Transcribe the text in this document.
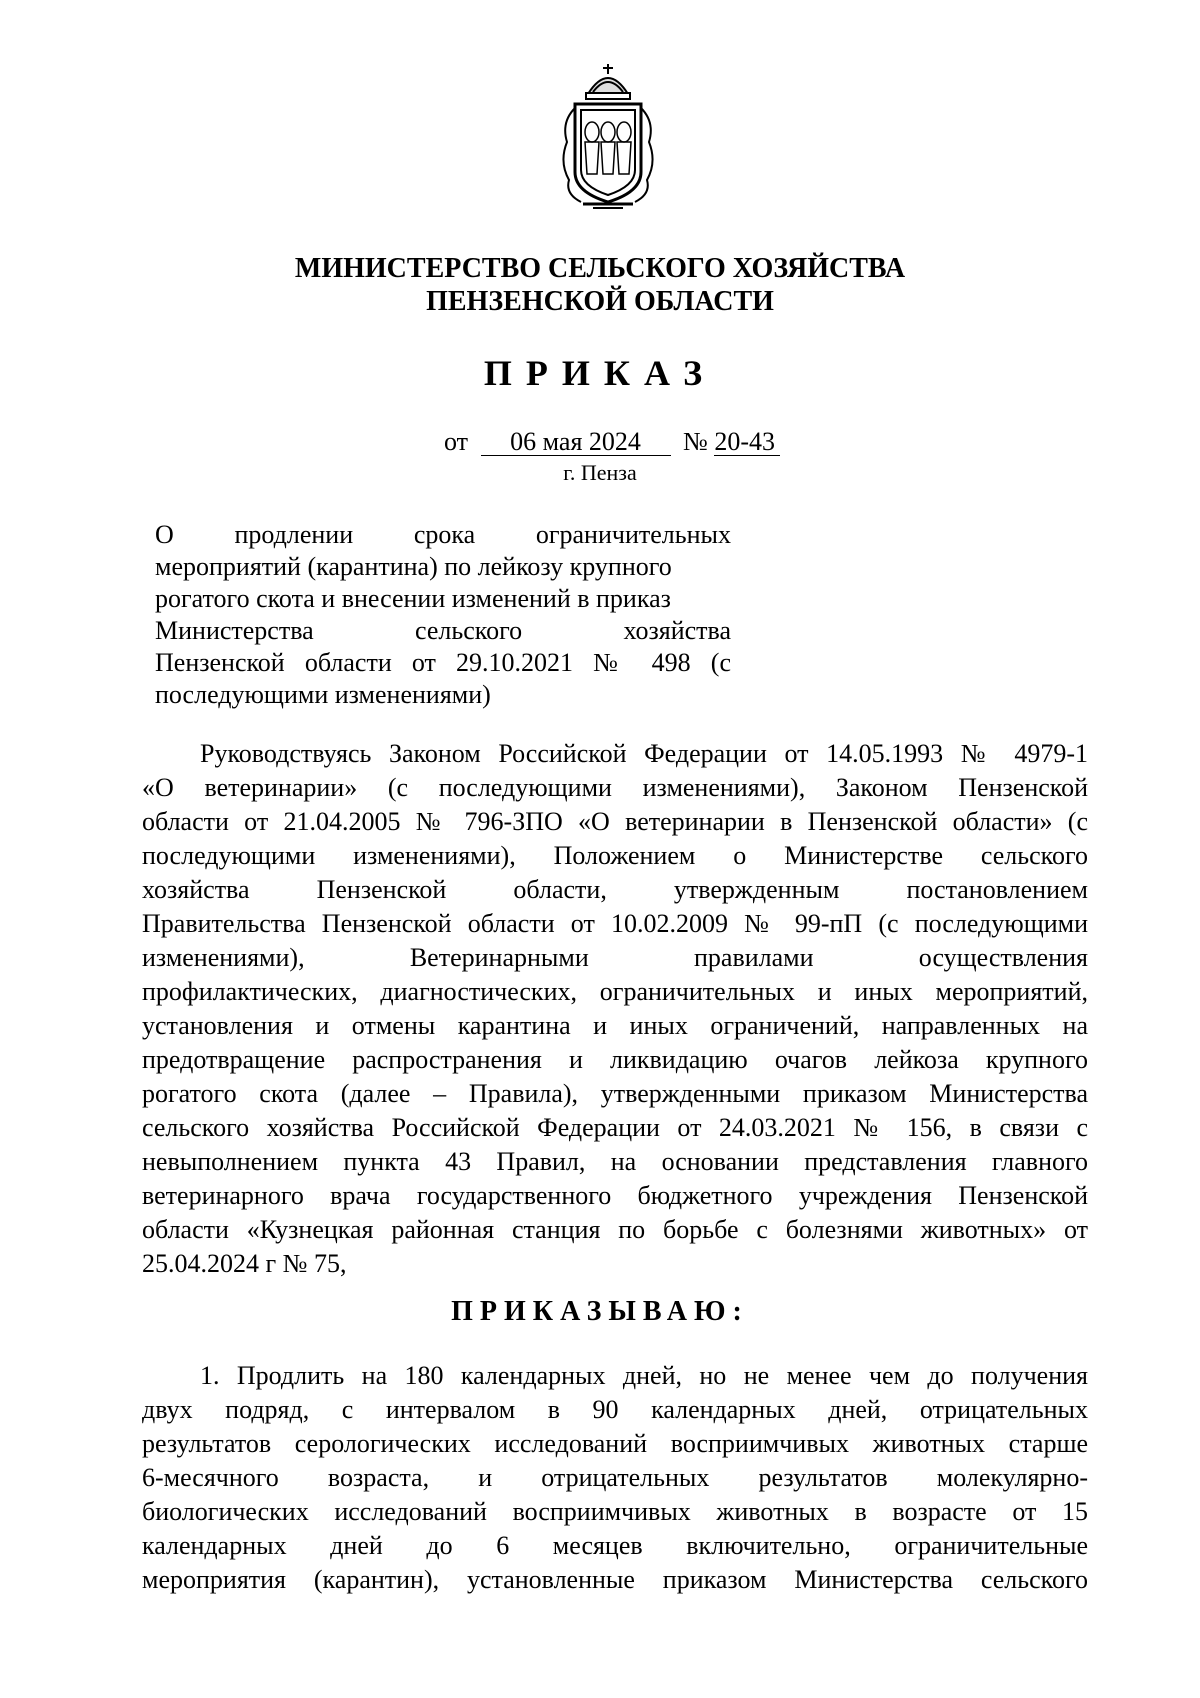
МИНИСТЕРСТВО СЕЛЬСКОГО ХОЗЯЙСТВА
ПЕНЗЕНСКОЙ ОБЛАСТИ
ПРИКАЗ
от 06 мая 2024 № 20-43
г. Пенза
О продлении срока ограничительных
мероприятий (карантина) по лейкозу крупного
рогатого скота и внесении изменений в приказ
Министерства сельского хозяйства
Пензенской области от 29.10.2021 № 498 (с
последующими изменениями)
Руководствуясь Законом Российской Федерации от 14.05.1993 № 4979-1
«О ветеринарии» (с последующими изменениями), Законом Пензенской
области от 21.04.2005 № 796-ЗПО «О ветеринарии в Пензенской области» (с
последующими изменениями), Положением о Министерстве сельского
хозяйства Пензенской области, утвержденным постановлением
Правительства Пензенской области от 10.02.2009 № 99-пП (с последующими
изменениями), Ветеринарными правилами осуществления
профилактических, диагностических, ограничительных и иных мероприятий,
установления и отмены карантина и иных ограничений, направленных на
предотвращение распространения и ликвидацию очагов лейкоза крупного
рогатого скота (далее – Правила), утвержденными приказом Министерства
сельского хозяйства Российской Федерации от 24.03.2021 № 156, в связи с
невыполнением пункта 43 Правил, на основании представления главного
ветеринарного врача государственного бюджетного учреждения Пензенской
области «Кузнецкая районная станция по борьбе с болезнями животных» от
25.04.2024 г № 75,
ПРИКАЗЫВАЮ:
1. Продлить на 180 календарных дней, но не менее чем до получения
двух подряд, с интервалом в 90 календарных дней, отрицательных
результатов серологических исследований восприимчивых животных старше
6-месячного возраста, и отрицательных результатов молекулярно-
биологических исследований восприимчивых животных в возрасте от 15
календарных дней до 6 месяцев включительно, ограничительные
мероприятия (карантин), установленные приказом Министерства сельского
